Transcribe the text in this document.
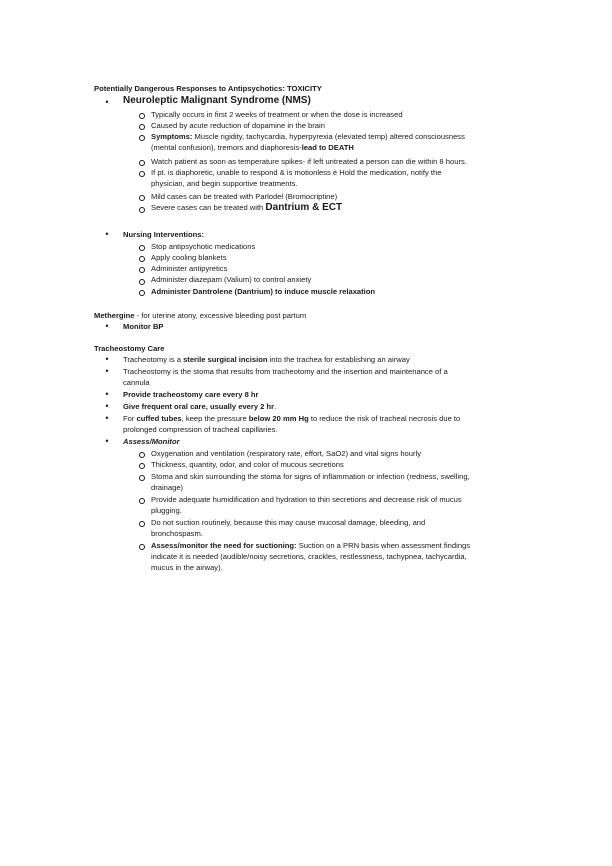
Potentially Dangerous Responses to Antipsychotics: TOXICITY
• Neuroleptic Malignant Syndrome (NMS)
Typically occurs in first 2 weeks of treatment or when the dose is increased
Caused by acute reduction of dopamine in the brain
Symptoms: Muscle rigidity, tachycardia, hyperpyrexia (elevated temp) altered consciousness
(mental confusion), tremors and diaphoresis-lead to DEATH
Watch patient as soon as temperature spikes- if left untreated a person can die within 8 hours.
If pt. is diaphoretic, unable to respond & is motionless è Hold the medication, notify the
physician, and begin supportive treatments.
Mild cases can be treated with Parlodel (Bromocriptine)
Severe cases can be treated with Dantrium & ECT
•	Nursing Interventions:
Stop antipsychotic medications
Apply cooling blankets
Administer antipyretics
Administer diazepam (Valium) to control anxiety
Administer Dantrolene (Dantrium) to induce muscle relaxation
Methergine - for uterine atony, excessive bleeding post partum
•	Monitor BP
Tracheostomy Care
•	Tracheotomy is a sterile surgical incision into the trachea for establishing an airway
•	Tracheostomy is the stoma that results from tracheotomy and the insertion and maintenance of a
cannula
•	Provide tracheostomy care every 8 hr
•	Give frequent oral care, usually every 2 hr.
•	For cuffed tubes, keep the pressure below 20 mm Hg to reduce the risk of tracheal necrosis due to
prolonged compression of tracheal capillaries.
•	Assess/Monitor
Oxygenation and ventilation (respiratory rate, effort, SaO2) and vital signs hourly
Thickness, quantity, odor, and color of mucous secretions
Stoma and skin surrounding the stoma for signs of inflammation or infection (redness, swelling,
drainage)
Provide adequate humidification and hydration to thin secretions and decrease risk of mucus
plugging.
Do not suction routinely, because this may cause mucosal damage, bleeding, and
bronchospasm.
Assess/monitor the need for suctioning: Suction on a PRN basis when assessment findings
indicate it is needed (audible/noisy secretions, crackles, restlessness, tachypnea, tachycardia,
mucus in the airway).
